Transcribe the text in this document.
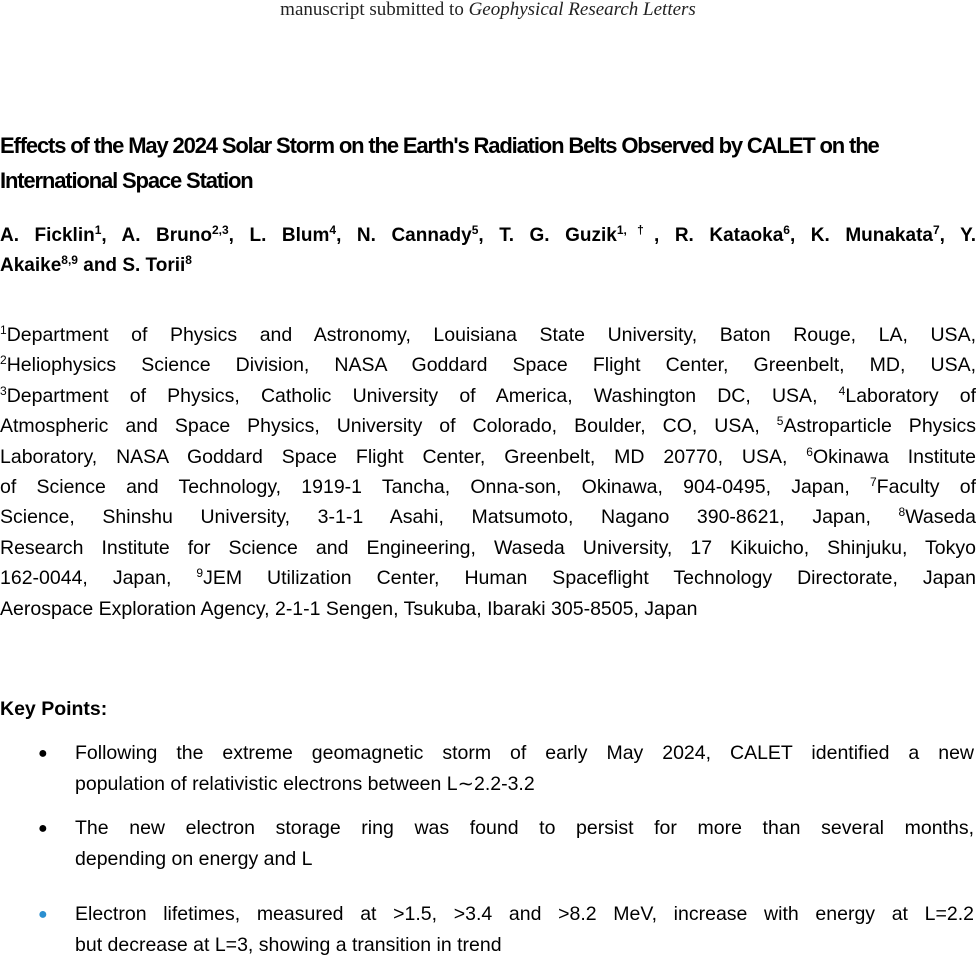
manuscript submitted to Geophysical Research Letters
Effects of the May 2024 Solar Storm on the Earth's Radiation Belts Observed by CALET on the International Space Station

A. Ficklin$^1$, A. Bruno$^{2,3}$, L. Blum$^4$, N. Cannady$^5$, T. G. Guzik$^{1,\dagger}$, R. Kataoka$^6$, K. Munakata$^7$, Y.
Akaike$^{8,9}$ and S. Torii$^8$

$^1$Department of Physics and Astronomy, Louisiana State University, Baton Rouge, LA, USA,
$^2$Heliophysics Science Division, NASA Goddard Space Flight Center, Greenbelt, MD, USA,
$^3$Department of Physics, Catholic University of America, Washington DC, USA, $^4$Laboratory of
Atmospheric and Space Physics, University of Colorado, Boulder, CO, USA, $^5$Astroparticle Physics
Laboratory, NASA Goddard Space Flight Center, Greenbelt, MD 20770, USA, $^6$Okinawa Institute
of Science and Technology, 1919-1 Tancha, Onna-son, Okinawa, 904-0495, Japan, $^7$Faculty of
Science, Shinshu University, 3-1-1 Asahi, Matsumoto, Nagano 390-8621, Japan, $^8$Waseda
Research Institute for Science and Engineering, Waseda University, 17 Kikuicho, Shinjuku, Tokyo
162-0044, Japan, $^9$JEM Utilization Center, Human Spaceflight Technology Directorate, Japan
Aerospace Exploration Agency, 2-1-1 Sengen, Tsukuba, Ibaraki 305-8505, Japan

Key Points:

● Following the extreme geomagnetic storm of early May 2024, CALET identified a new
population of relativistic electrons between L∼2.2-3.2
● The new electron storage ring was found to persist for more than several months,
depending on energy and L
● Electron lifetimes, measured at >1.5, >3.4 and >8.2 MeV, increase with energy at L=2.2
but decrease at L=3, showing a transition in trend
